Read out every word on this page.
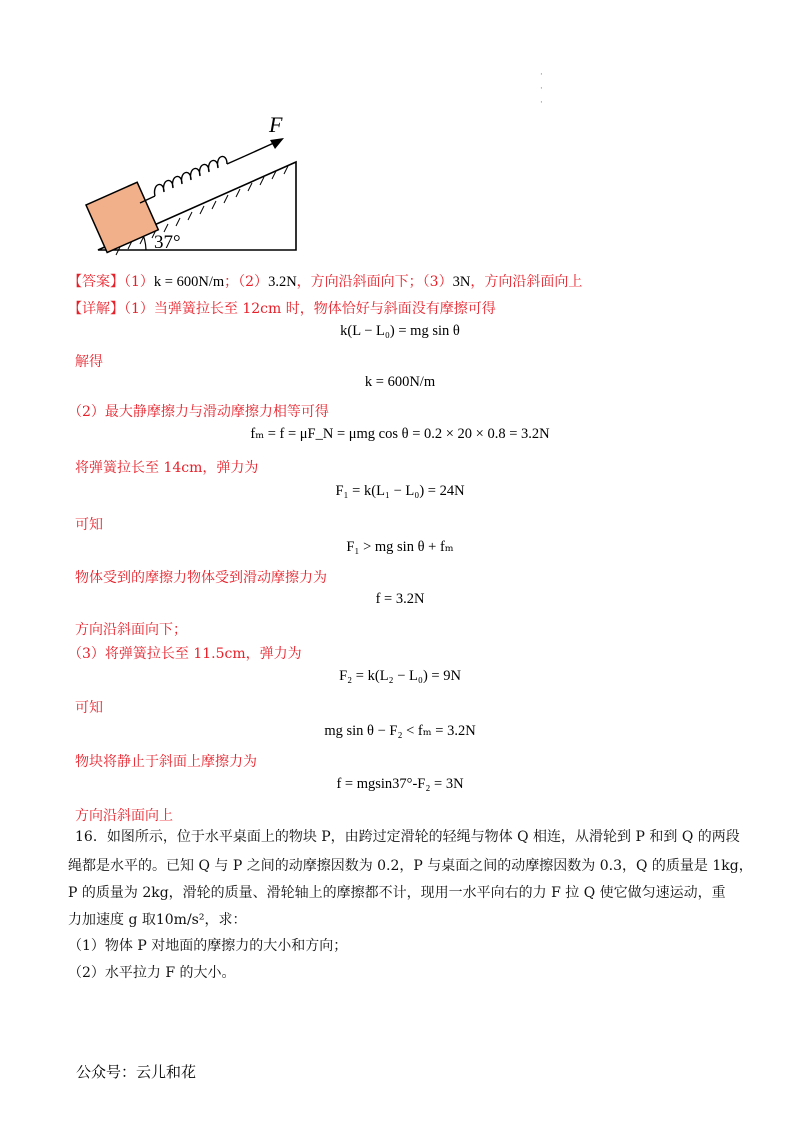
·
·
·
37°
F
【答案】（1）k = 600N/m；（2）3.2N，方向沿斜面向下；（3）3N，方向沿斜面向上
【详解】（1）当弹簧拉长至 12cm 时，物体恰好与斜面没有摩擦可得
k(L − L₀) = mg sin θ
解得
k = 600N/m
（2）最大静摩擦力与滑动摩擦力相等可得
fₘ = f = μF_N = μmg cos θ = 0.2 × 20 × 0.8 = 3.2N
将弹簧拉长至 14cm，弹力为
F₁ = k(L₁ − L₀) = 24N
可知
F₁ > mg sin θ + fₘ
物体受到的摩擦力物体受到滑动摩擦力为
f = 3.2N
方向沿斜面向下；
（3）将弹簧拉长至 11.5cm，弹力为
F₂ = k(L₂ − L₀) = 9N
可知
mg sin θ − F₂ < fₘ = 3.2N
物块将静止于斜面上摩擦力为
f = mgsin37°-F₂ = 3N
方向沿斜面向上
16．如图所示，位于水平桌面上的物块 P，由跨过定滑轮的轻绳与物体 Q 相连，从滑轮到 P 和到 Q 的两段
绳都是水平的。已知 Q 与 P 之间的动摩擦因数为 0.2，P 与桌面之间的动摩擦因数为 0.3，Q 的质量是 1kg，
P 的质量为 2kg，滑轮的质量、滑轮轴上的摩擦都不计，现用一水平向右的力 F 拉 Q 使它做匀速运动，重
力加速度 g 取10m/s²，求：
（1）物体 P 对地面的摩擦力的大小和方向；
（2）水平拉力 F 的大小。
公众号：云儿和花
